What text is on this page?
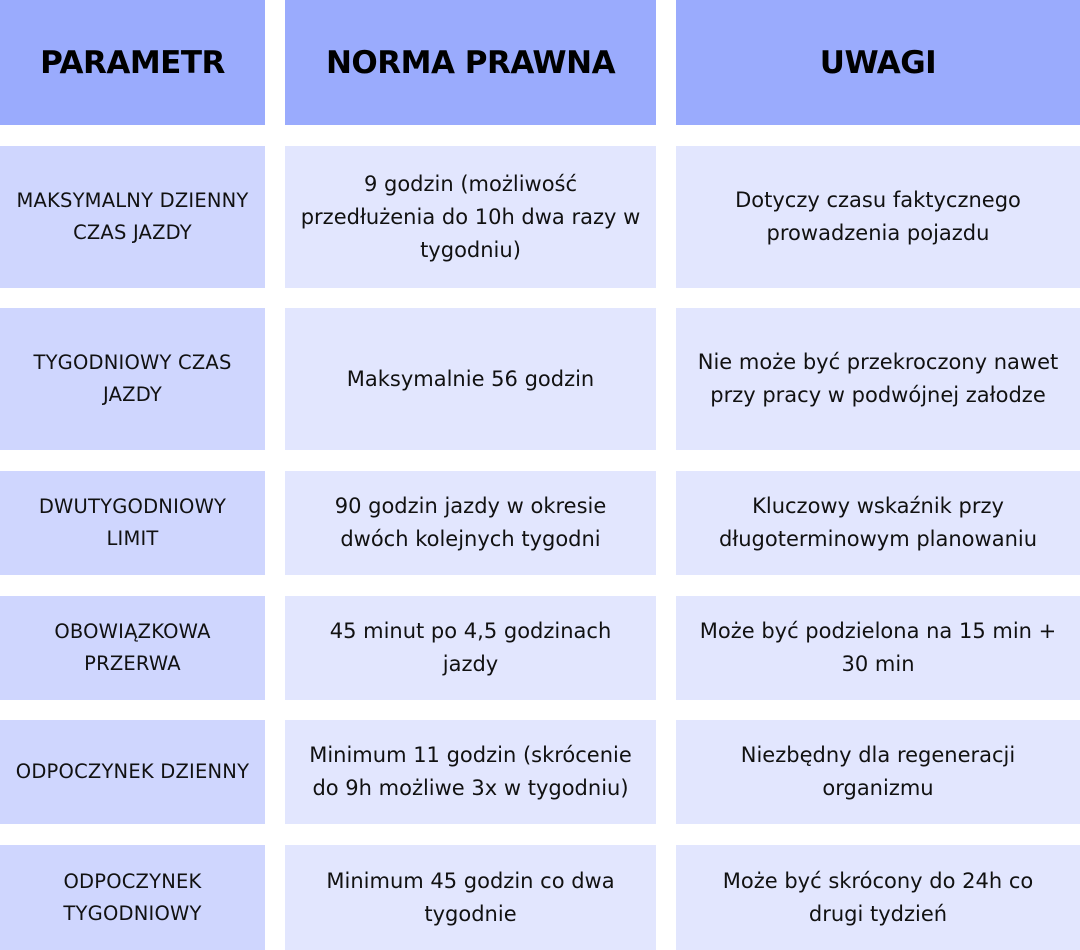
PARAMETR	NORMA PRAWNA	UWAGI
MAKSYMALNY DZIENNY CZAS JAZDY
9 godzin (możliwość przedłużenia do 10h dwa razy w tygodniu)
Dotyczy czasu faktycznego prowadzenia pojazdu
TYGODNIOWY CZAS JAZDY
Maksymalnie 56 godzin
Nie może być przekroczony nawet przy pracy w podwójnej załodze
DWUTYGODNIOWY LIMIT
90 godzin jazdy w okresie dwóch kolejnych tygodni
Kluczowy wskaźnik przy długoterminowym planowaniu
OBOWIĄZKOWA PRZERWA
45 minut po 4,5 godzinach jazdy
Może być podzielona na 15 min + 30 min
ODPOCZYNEK DZIENNY
Minimum 11 godzin (skrócenie do 9h możliwe 3x w tygodniu)
Niezbędny dla regeneracji organizmu
ODPOCZYNEK TYGODNIOWY
Minimum 45 godzin co dwa tygodnie
Może być skrócony do 24h co drugi tydzień
